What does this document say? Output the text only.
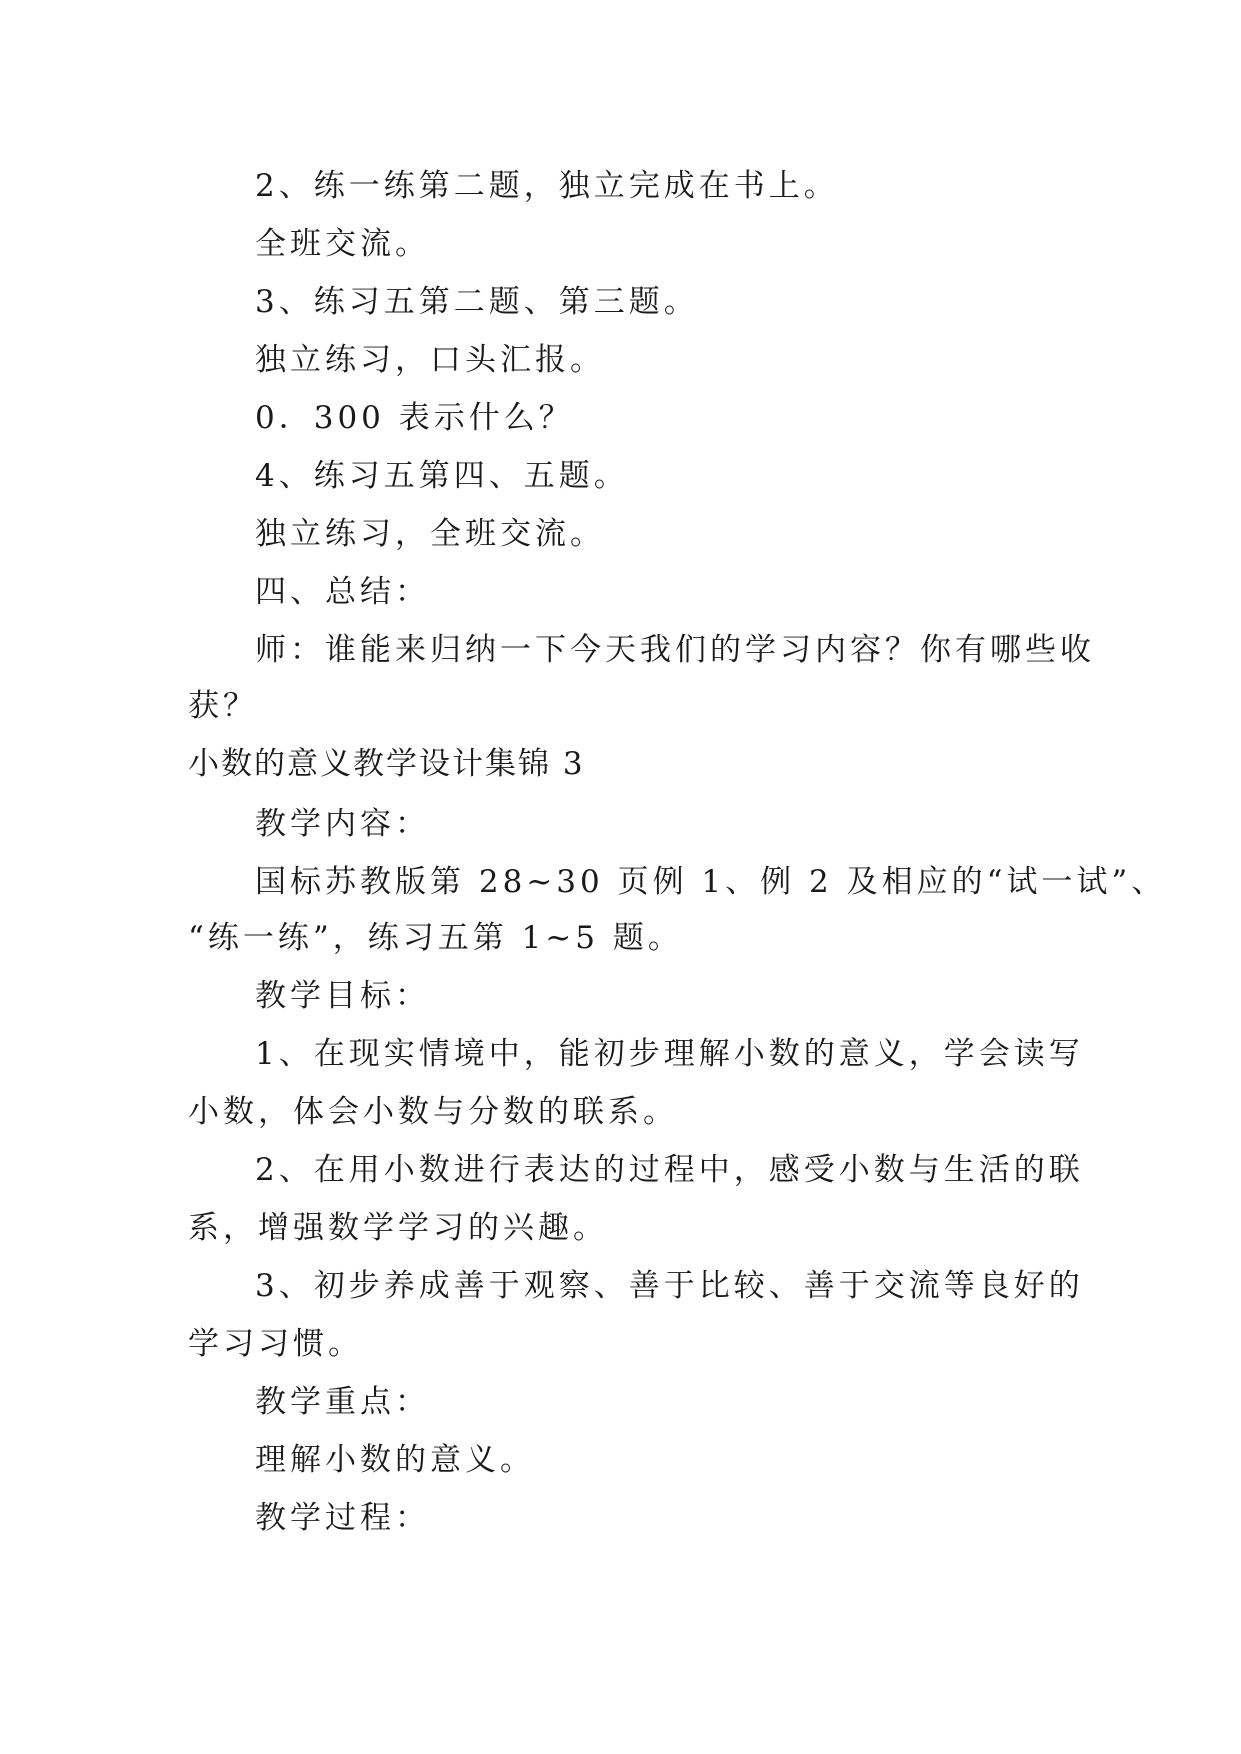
2、练一练第二题，独立完成在书上。
全班交流。
3、练习五第二题、第三题。
独立练习，口头汇报。
0．300 表示什么？
4、练习五第四、五题。
独立练习，全班交流。
四、总结：
师：谁能来归纳一下今天我们的学习内容？你有哪些收
获？
小数的意义教学设计集锦 3
教学内容：
国标苏教版第 28~30 页例 1、例 2 及相应的“试一试”、
“练一练”，练习五第 1~5 题。
教学目标：
1、在现实情境中，能初步理解小数的意义，学会读写
小数，体会小数与分数的联系。
2、在用小数进行表达的过程中，感受小数与生活的联
系，增强数学学习的兴趣。
3、初步养成善于观察、善于比较、善于交流等良好的
学习习惯。
教学重点：
理解小数的意义。
教学过程：
